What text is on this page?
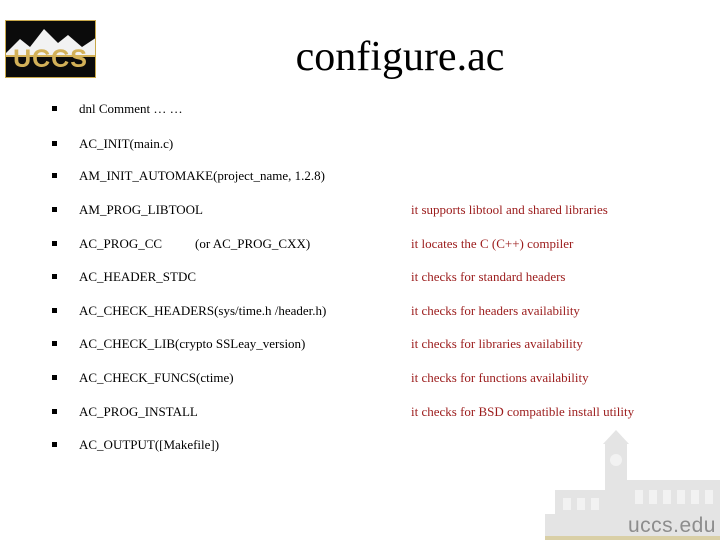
UCCS	configure.ac
dnl Comment … …
AC_INIT(main.c)
AM_INIT_AUTOMAKE(project_name, 1.2.8)
AM_PROG_LIBTOOL	it supports libtool and shared libraries
AC_PROG_CC	(or AC_PROG_CXX)	it locates the C (C++) compiler
AC_HEADER_STDC	it checks for standard headers
AC_CHECK_HEADERS(sys/time.h /header.h)	it checks for headers availability
AC_CHECK_LIB(crypto SSLeay_version)	it checks for libraries availability
AC_CHECK_FUNCS(ctime)	it checks for functions availability
AC_PROG_INSTALL	it checks for BSD compatible install utility
AC_OUTPUT([Makefile])
uccs.edu
